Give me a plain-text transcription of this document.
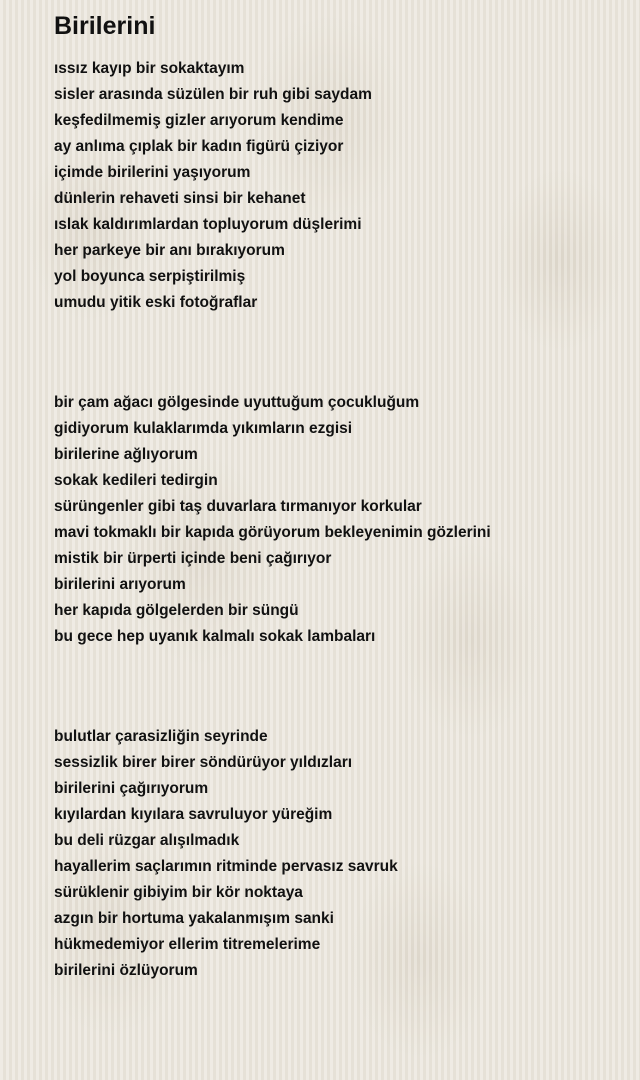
Birilerini
ıssız kayıp bir sokaktayım
sisler arasında süzülen bir ruh gibi saydam
keşfedilmemiş gizler arıyorum kendime
ay anlıma çıplak bir kadın figürü çiziyor
içimde birilerini yaşıyorum
dünlerin rehaveti sinsi bir kehanet
ıslak kaldırımlardan topluyorum düşlerimi
her parkeye bir anı bırakıyorum
yol boyunca serpiştirilmiş
umudu yitik eski fotoğraflar
bir çam ağacı gölgesinde uyuttuğum çocukluğum
gidiyorum kulaklarımda yıkımların ezgisi
birilerine ağlıyorum
sokak kedileri tedirgin
sürüngenler gibi taş duvarlara tırmanıyor korkular
mavi tokmaklı bir kapıda görüyorum bekleyenimin gözlerini
mistik bir ürperti içinde beni çağırıyor
birilerini arıyorum
her kapıda gölgelerden bir süngü
bu gece hep uyanık kalmalı sokak lambaları
bulutlar çarasizliğin seyrinde
sessizlik birer birer söndürüyor yıldızları
birilerini çağırıyorum
kıyılardan kıyılara savruluyor yüreğim
bu deli rüzgar alışılmadık
hayallerim saçlarımın ritminde pervasız savruk
sürüklenir gibiyim bir kör noktaya
azgın bir hortuma yakalanmışım sanki
hükmedemiyor ellerim titremelerime
birilerini özlüyorum
